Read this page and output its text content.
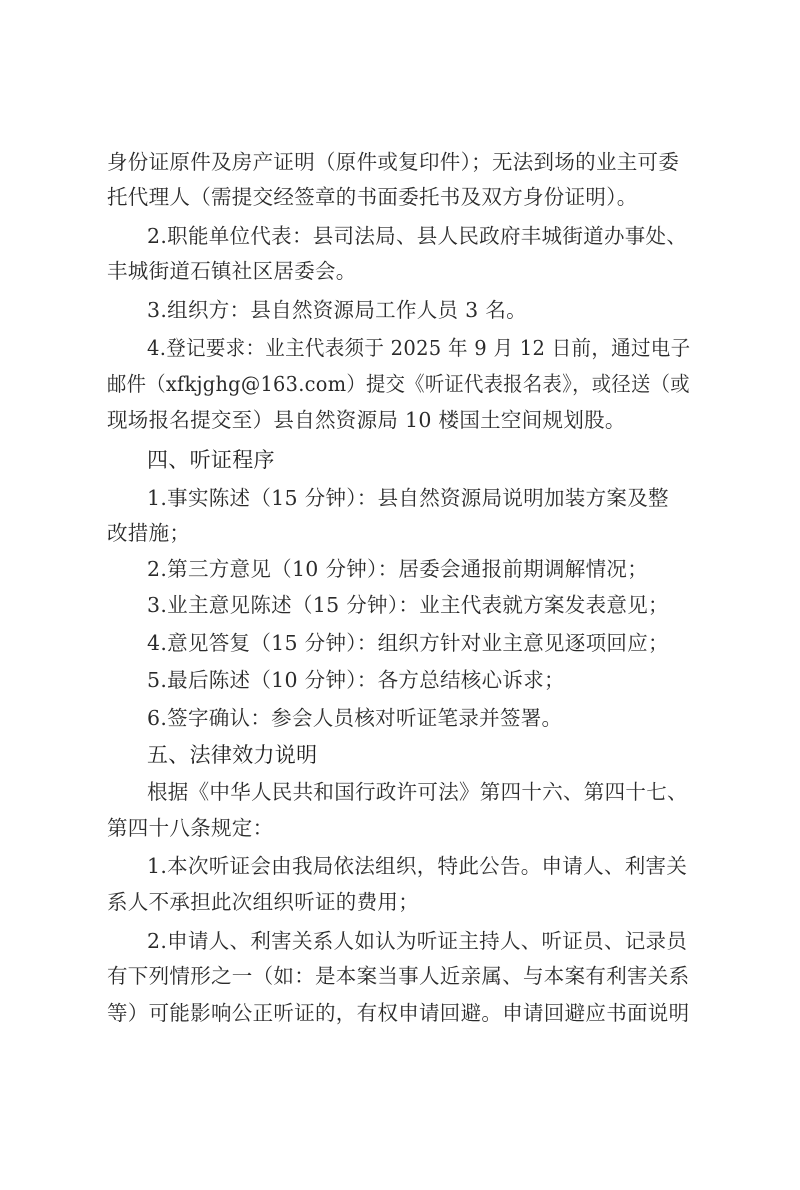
身份证原件及房产证明（原件或复印件）；无法到场的业主可委
托代理人（需提交经签章的书面委托书及双方身份证明）。
2.职能单位代表：县司法局、县人民政府丰城街道办事处、
丰城街道石镇社区居委会。
3.组织方：县自然资源局工作人员 3 名。
4.登记要求：业主代表须于 2025 年 9 月 12 日前，通过电子
邮件（xfkjghg@163.com）提交《听证代表报名表》，或径送（或
现场报名提交至）县自然资源局 10 楼国土空间规划股。
四、听证程序
1.事实陈述（15 分钟）：县自然资源局说明加装方案及整
改措施；
2.第三方意见（10 分钟）：居委会通报前期调解情况；
3.业主意见陈述（15 分钟）：业主代表就方案发表意见；
4.意见答复（15 分钟）：组织方针对业主意见逐项回应；
5.最后陈述（10 分钟）：各方总结核心诉求；
6.签字确认：参会人员核对听证笔录并签署。
五、法律效力说明
根据《中华人民共和国行政许可法》第四十六、第四十七、
第四十八条规定：
1.本次听证会由我局依法组织，特此公告。申请人、利害关
系人不承担此次组织听证的费用；
2.申请人、利害关系人如认为听证主持人、听证员、记录员
有下列情形之一（如：是本案当事人近亲属、与本案有利害关系
等）可能影响公正听证的，有权申请回避。申请回避应书面说明
